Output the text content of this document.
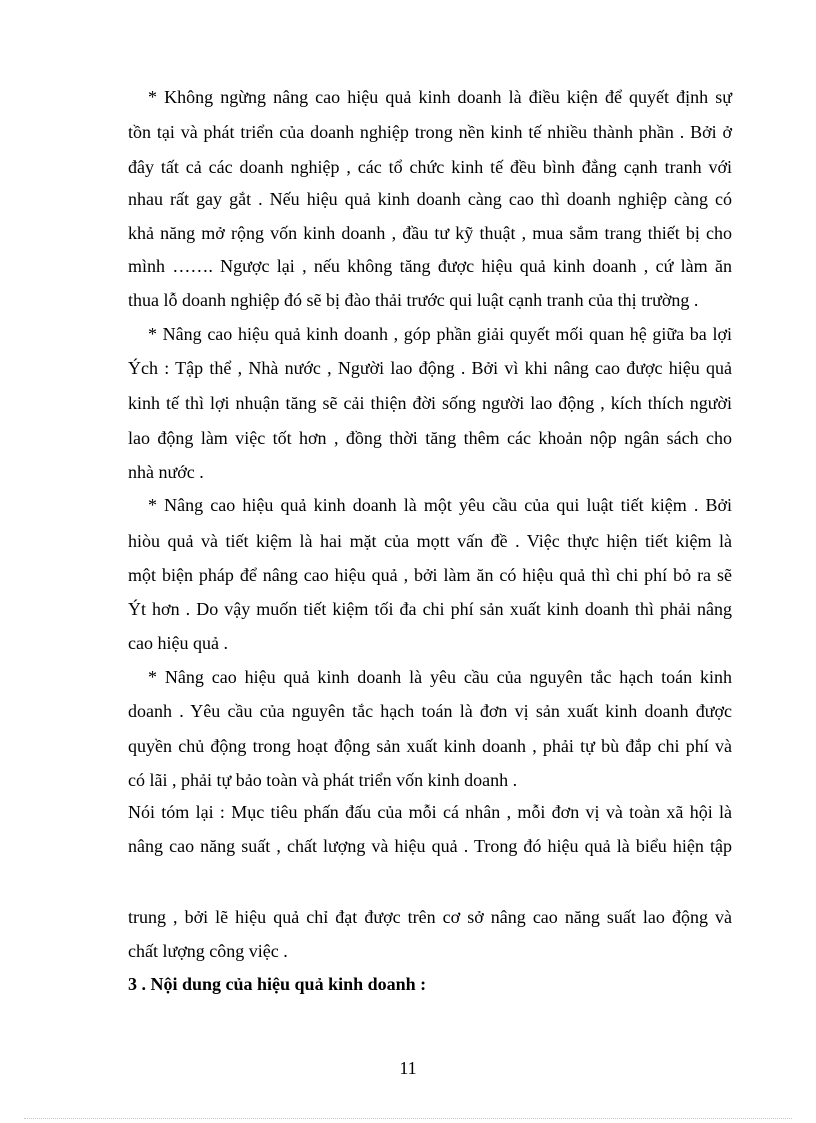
* Không ngừng nâng cao hiệu quả kinh doanh là điều kiện để quyết định sự
tồn tại và phát triển của doanh nghiệp trong nền kinh tế nhiều thành phần . Bởi ở
đây tất cả các doanh nghiệp , các tổ chức kinh tế đều bình đẳng cạnh tranh với
nhau rất gay gắt . Nếu hiệu quả kinh doanh càng cao thì doanh nghiệp càng có
khả năng mở rộng vốn kinh doanh , đầu tư kỹ thuật , mua sắm trang thiết bị cho
mình ……. Ngược lại , nếu không tăng được hiệu quả kinh doanh , cứ làm ăn
thua lỗ doanh nghiệp đó sẽ bị đào thải trước qui luật cạnh tranh của thị trường .
* Nâng cao hiệu quả kinh doanh , góp phần giải quyết mối quan hệ giữa ba lợi
Ých : Tập thể , Nhà nước , Người lao động . Bởi vì khi nâng cao được hiệu quả
kinh tế thì lợi nhuận tăng sẽ cải thiện đời sống người lao động , kích thích người
lao động làm việc tốt hơn , đồng thời tăng thêm các khoản nộp ngân sách cho
nhà nước .
* Nâng cao hiệu quả kinh doanh là một yêu cầu của qui luật tiết kiệm . Bởi
hiòu quả và tiết kiệm là hai mặt của mọtt vấn đề . Việc thực hiện tiết kiệm là
một biện pháp để nâng cao hiệu quả , bởi làm ăn có hiệu quả thì chi phí bỏ ra sẽ
Ýt hơn . Do vậy muốn tiết kiệm tối đa chi phí sản xuất kinh doanh thì phải nâng
cao hiệu quả .
* Nâng cao hiệu quả kinh doanh là yêu cầu của nguyên tắc hạch toán kinh
doanh . Yêu cầu của nguyên tắc hạch toán là đơn vị sản xuất kinh doanh được
quyền chủ động trong hoạt động sản xuất kinh doanh , phải tự bù đắp chi phí và
có lãi , phải tự bảo toàn và phát triển vốn kinh doanh .
Nói tóm lại : Mục tiêu phấn đấu của mỗi cá nhân , mỗi đơn vị và toàn xã hội là
nâng cao năng suất , chất lượng và hiệu quả . Trong đó hiệu quả là biểu hiện tập
trung , bởi lẽ hiệu quả chỉ đạt được trên cơ sở nâng cao năng suất lao động và
chất lượng công việc .
3 . Nội dung của hiệu quả kinh doanh :
11
